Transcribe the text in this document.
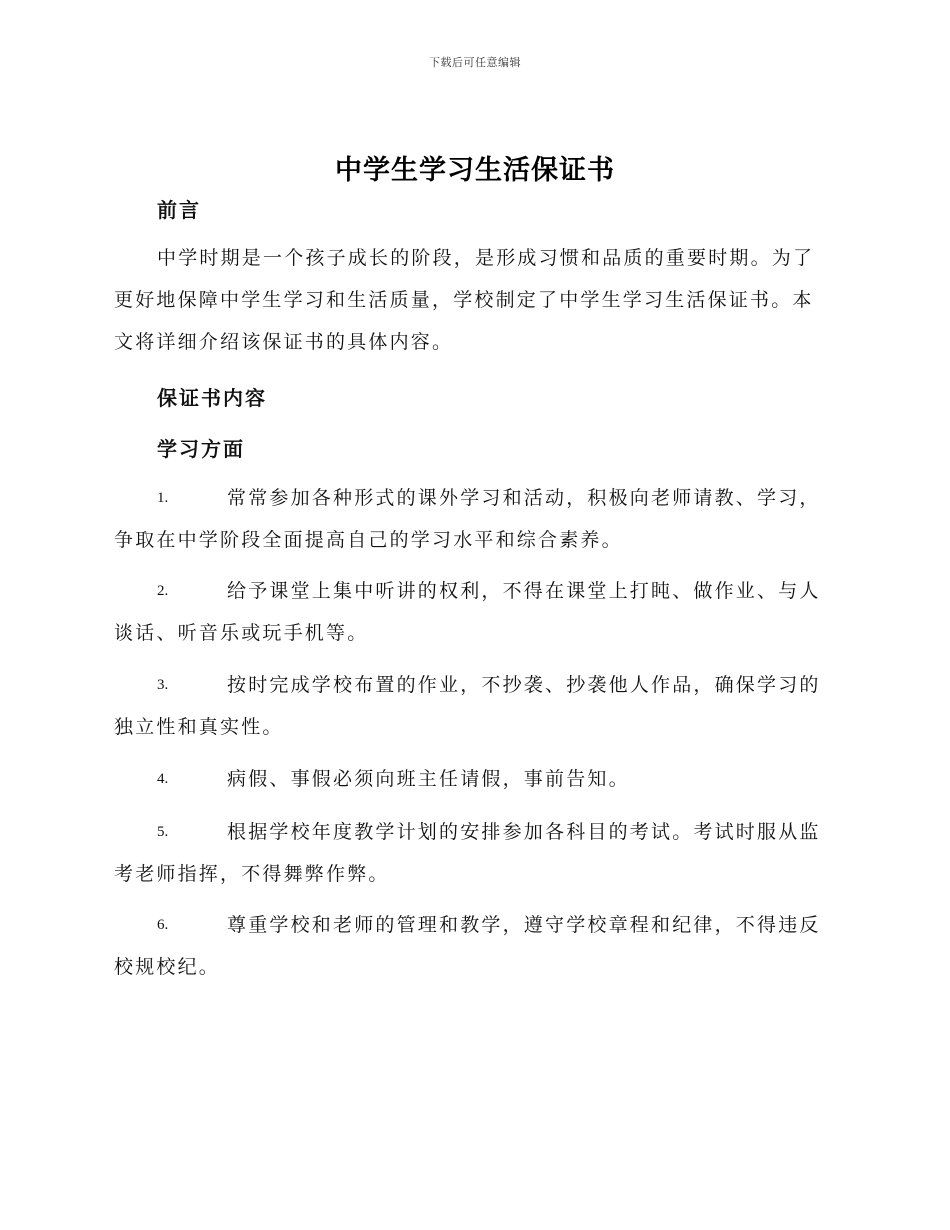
下载后可任意编辑
中学生学习生活保证书
前言

中学时期是一个孩子成长的阶段，是形成习惯和品质的重要时期。为了更好地保障中学生学习和生活质量，学校制定了中学生学习生活保证书。本文将详细介绍该保证书的具体内容。

保证书内容
学习方面
1.	常常参加各种形式的课外学习和活动，积极向老师请教、学习，争取在中学阶段全面提高自己的学习水平和综合素养。
2.	给予课堂上集中听讲的权利，不得在课堂上打盹、做作业、与人谈话、听音乐或玩手机等。
3.	按时完成学校布置的作业，不抄袭、抄袭他人作品，确保学习的独立性和真实性。
4.	病假、事假必须向班主任请假，事前告知。
5.	根据学校年度教学计划的安排参加各科目的考试。考试时服从监考老师指挥，不得舞弊作弊。
6.	尊重学校和老师的管理和教学，遵守学校章程和纪律，不得违反校规校纪。
